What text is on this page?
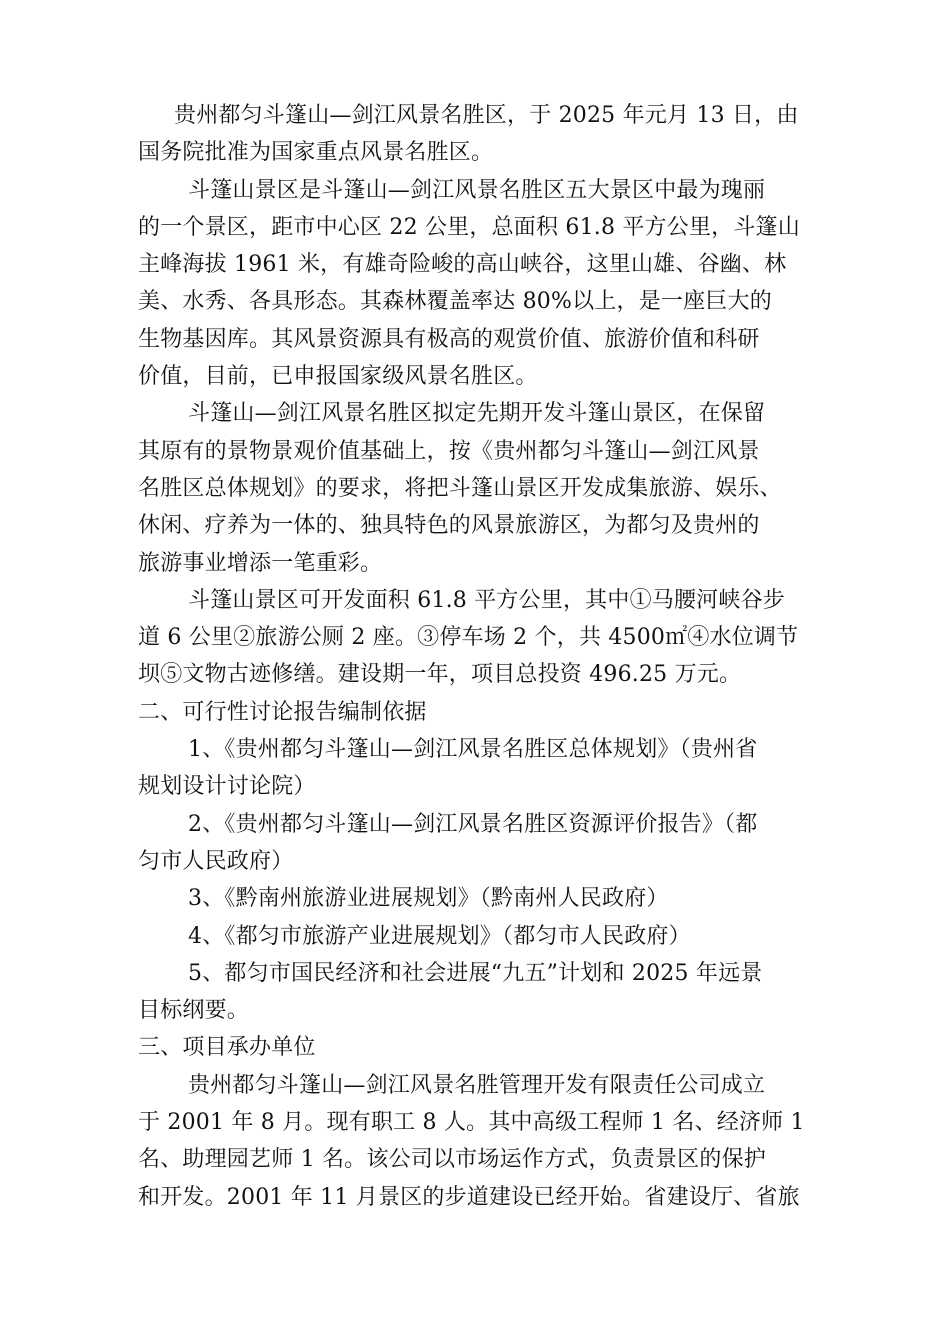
贵州都匀斗篷山—剑江风景名胜区，于 2025 年元月 13 日，由
国务院批准为国家重点风景名胜区。
斗篷山景区是斗篷山—剑江风景名胜区五大景区中最为瑰丽
的一个景区，距市中心区 22 公里，总面积 61.8 平方公里，斗篷山
主峰海拔 1961 米，有雄奇险峻的高山峡谷，这里山雄、谷幽、林
美、水秀、各具形态。其森林覆盖率达 80%以上，是一座巨大的
生物基因库。其风景资源具有极高的观赏价值、旅游价值和科研
价值，目前，已申报国家级风景名胜区。
斗篷山—剑江风景名胜区拟定先期开发斗篷山景区，在保留
其原有的景物景观价值基础上，按《贵州都匀斗篷山—剑江风景
名胜区总体规划》的要求，将把斗篷山景区开发成集旅游、娱乐、
休闲、疗养为一体的、独具特色的风景旅游区，为都匀及贵州的
旅游事业增添一笔重彩。
斗篷山景区可开发面积 61.8 平方公里，其中①马腰河峡谷步
道 6 公里②旅游公厕 2 座。③停车场 2 个，共 4500㎡④水位调节
坝⑤文物古迹修缮。建设期一年，项目总投资 496.25 万元。
二、可行性讨论报告编制依据
1、《贵州都匀斗篷山—剑江风景名胜区总体规划》（贵州省
规划设计讨论院）
2、《贵州都匀斗篷山—剑江风景名胜区资源评价报告》（都
匀市人民政府）
3、《黔南州旅游业进展规划》（黔南州人民政府）
4、《都匀市旅游产业进展规划》（都匀市人民政府）
5、都匀市国民经济和社会进展“九五”计划和 2025 年远景
目标纲要。
三、项目承办单位
贵州都匀斗篷山—剑江风景名胜管理开发有限责任公司成立
于 2001 年 8 月。现有职工 8 人。其中高级工程师 1 名、经济师 1
名、助理园艺师 1 名。该公司以市场运作方式，负责景区的保护
和开发。2001 年 11 月景区的步道建设已经开始。省建设厅、省旅
